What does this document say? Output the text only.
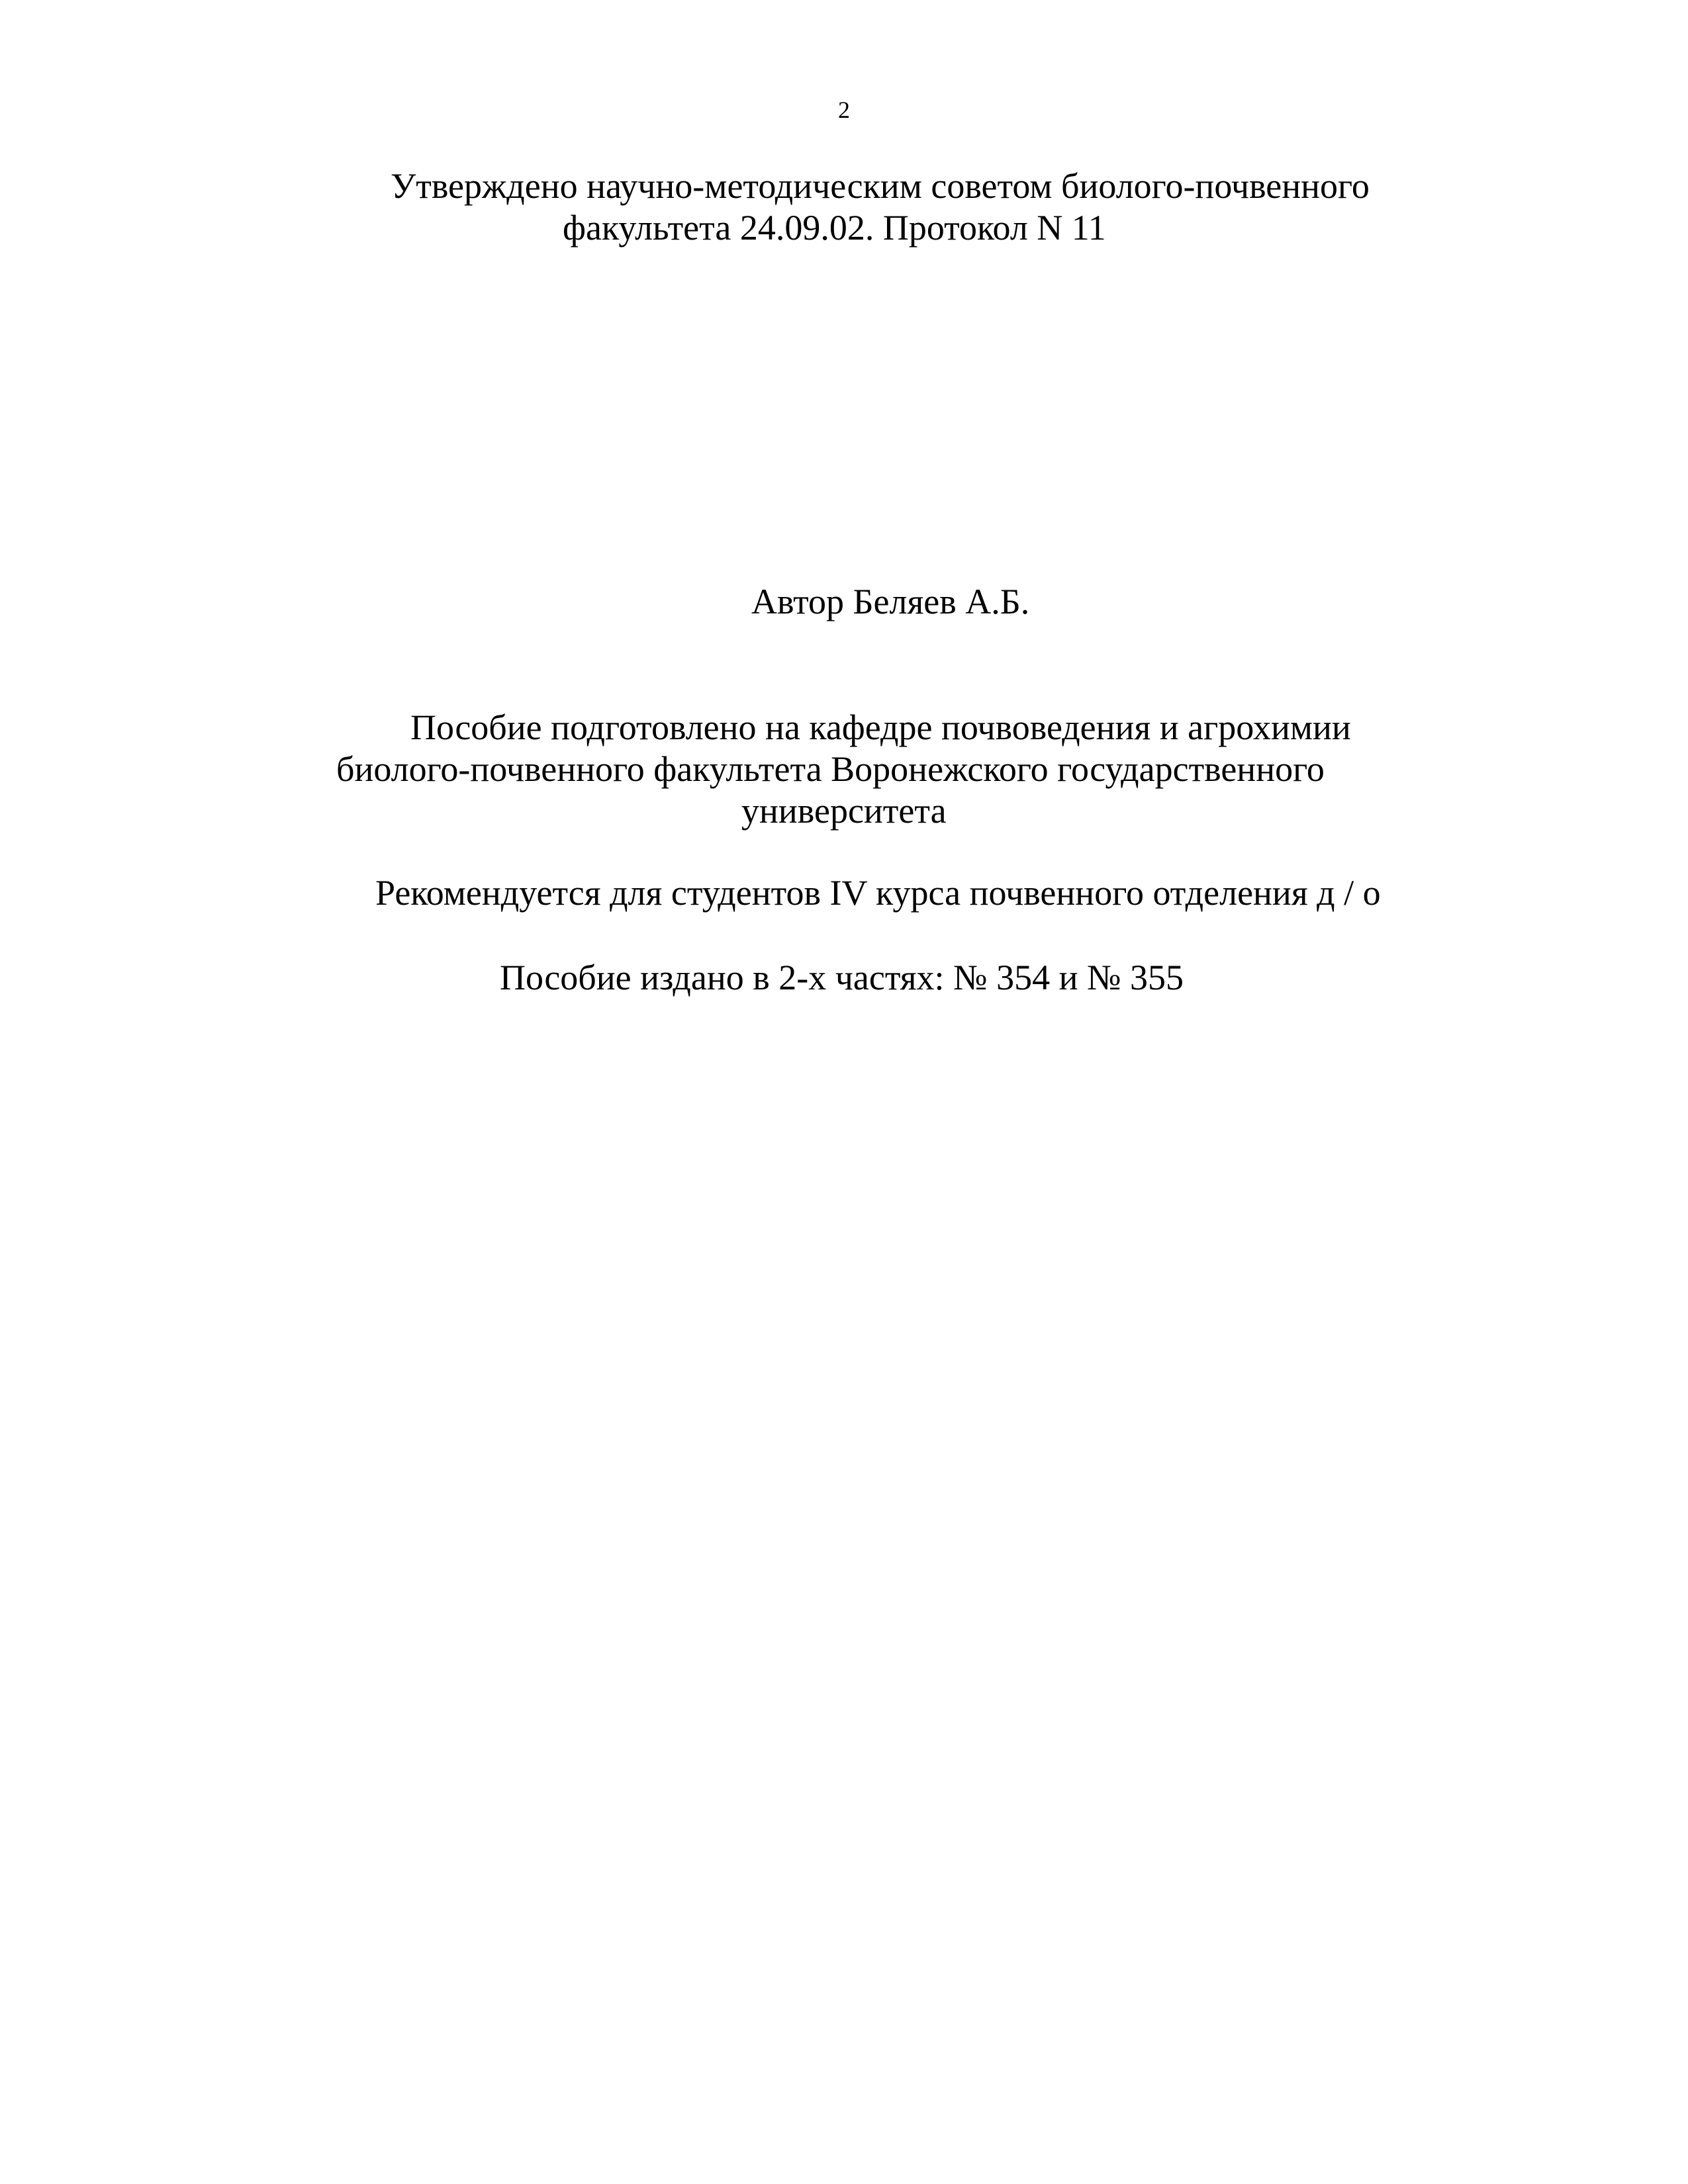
2
Утверждено научно-методическим советом биолого-почвенного
факультета 24.09.02. Протокол N 11
Автор Беляев А.Б.
Пособие подготовлено на кафедре почвоведения и агрохимии
биолого-почвенного факультета Воронежского государственного
университета
Рекомендуется для студентов IV курса почвенного отделения д / о
Пособие издано в 2-х частях: № 354 и № 355
